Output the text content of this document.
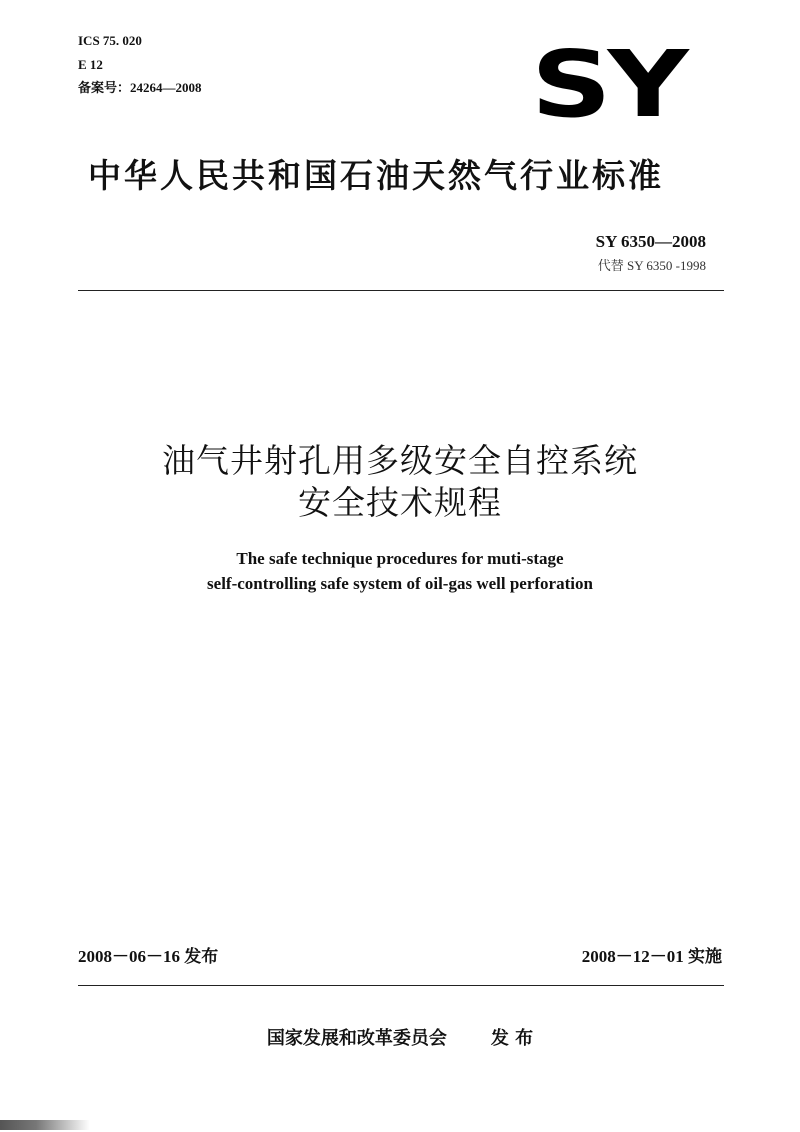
ICS 75. 020
E 12
备案号：24264—2008	SY
中华人民共和国石油天然气行业标准
SY 6350—2008
代替 SY 6350 -1998
油气井射孔用多级安全自控系统
安全技术规程
The safe technique procedures for muti-stage
self-controlling safe system of oil-gas well perforation
2008－06－16 发布	2008－12－01 实施
国家发展和改革委员会 发 布
